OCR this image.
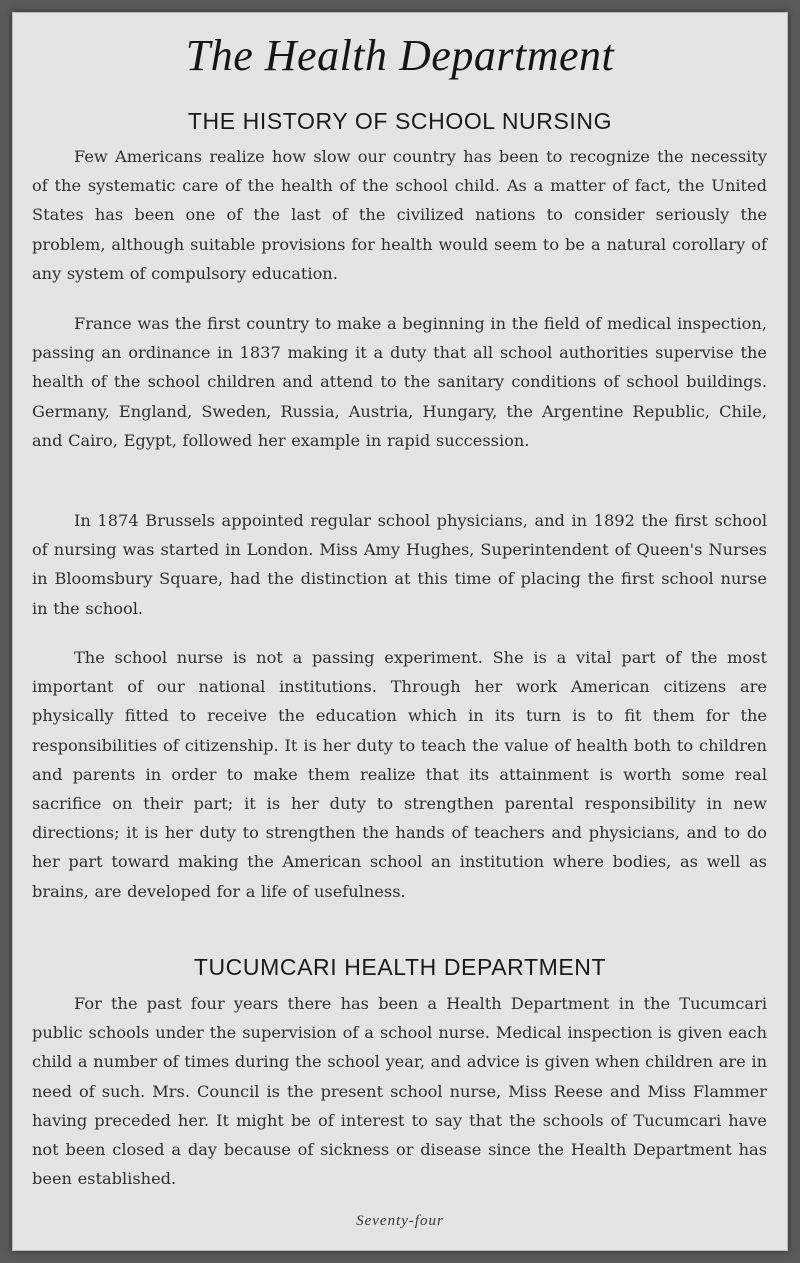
The Health Department
THE HISTORY OF SCHOOL NURSING

Few Americans realize how slow our country has been to recognize the necessity of the systematic care of the health of the school child. As a matter of fact, the United States has been one of the last of the civilized nations to consider seriously the problem, although suitable provisions for health would seem to be a natural corollary of any system of compulsory education.

France was the first country to make a beginning in the field of medical inspection, passing an ordinance in 1837 making it a duty that all school authorities supervise the health of the school children and attend to the sanitary conditions of school buildings. Germany, England, Sweden, Russia, Austria, Hungary, the Argentine Republic, Chile, and Cairo, Egypt, followed her example in rapid succession.

In 1874 Brussels appointed regular school physicians, and in 1892 the first school of nursing was started in London. Miss Amy Hughes, Superintendent of Queen's Nurses in Bloomsbury Square, had the distinction at this time of placing the first school nurse in the school.

The school nurse is not a passing experiment. She is a vital part of the most important of our national institutions. Through her work American citizens are physically fitted to receive the education which in its turn is to fit them for the responsibilities of citizenship. It is her duty to teach the value of health both to children and parents in order to make them realize that its attainment is worth some real sacrifice on their part; it is her duty to strengthen parental responsibility in new directions; it is her duty to strengthen the hands of teachers and physicians, and to do her part toward making the American school an institution where bodies, as well as brains, are developed for a life of usefulness.

TUCUMCARI HEALTH DEPARTMENT

For the past four years there has been a Health Department in the Tucumcari public schools under the supervision of a school nurse. Medical inspection is given each child a number of times during the school year, and advice is given when children are in need of such. Mrs. Council is the present school nurse, Miss Reese and Miss Flammer having preceded her. It might be of interest to say that the schools of Tucumcari have not been closed a day because of sickness or disease since the Health Department has been established.

Seventy-four
